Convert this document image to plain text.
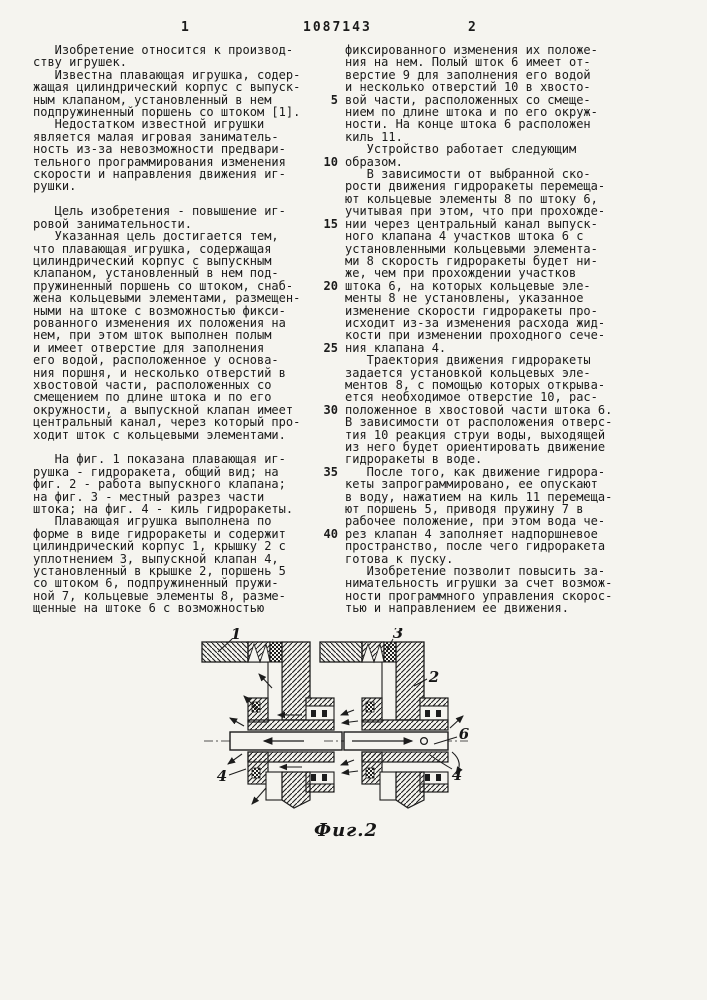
1	1087143	2
Изобретение относится к производ-
ству игрушек.
Известна плавающая игрушка, содер-
жащая цилиндрический корпус с выпуск-
ным клапаном, установленный в нем
подпружиненный поршень со штоком [1].
Недостатком известной игрушки
является малая игровая заниматель-
ность из-за невозможности предвари-
тельного программирования изменения
скорости и направления движения иг-
рушки.

Цель изобретения - повышение иг-
ровой занимательности.
Указанная цель достигается тем,
что плавающая игрушка, содержащая
цилиндрический корпус с выпускным
клапаном, установленный в нем под-
пружиненный поршень со штоком, снаб-
жена кольцевыми элементами, размещен-
ными на штоке с возможностью фикси-
рованного изменения их положения на
нем, при этом шток выполнен полым
и имеет отверстие для заполнения
его водой, расположенное у основа-
ния поршня, и несколько отверстий в
хвостовой части, расположенных со
смещением по длине штока и по его
окружности, а выпускной клапан имеет
центральный канал, через который про-
ходит шток с кольцевыми элементами.

На фиг. 1 показана плавающая иг-
рушка - гидроракета, общий вид; на
фиг. 2 - работа выпускного клапана;
на фиг. 3 - местный разрез части
штока; на фиг. 4 - киль гидроракеты.
Плавающая игрушка выполнена по
форме в виде гидроракеты и содержит
цилиндрический корпус 1, крышку 2 с
уплотнением 3, выпускной клапан 4,
установленный в крышке 2, поршень 5
со штоком 6, подпружиненный пружи-
ной 7, кольцевые элементы 8, разме-
щенные на штоке 6 с возможностью
фиксированного изменения их положе-
ния на нем. Полый шток 6 имеет от-
верстие 9 для заполнения его водой
и несколько отверстий 10 в хвосто-
вой части, расположенных со смеще-
нием по длине штока и по его окруж-
ности. На конце штока 6 расположен
киль 11.
Устройство работает следующим
образом.
В зависимости от выбранной ско-
рости движения гидроракеты перемеща-
ют кольцевые элементы 8 по штоку 6,
учитывая при этом, что при прохожде-
нии через центральный канал выпуск-
ного клапана 4 участков штока 6 с
установленными кольцевыми элемента-
ми 8 скорость гидроракеты будет ни-
же, чем при прохождении участков
штока 6, на которых кольцевые эле-
менты 8 не установлены, указанное
изменение скорости гидроракеты про-
исходит из-за изменения расхода жид-
кости при изменении проходного сече-
ния клапана 4.
Траектория движения гидроракеты
задается установкой кольцевых эле-
ментов 8, с помощью которых открыва-
ется необходимое отверстие 10, рас-
положенное в хвостовой части штока 6.
В зависимости от расположения отверс-
тия 10 реакция струи воды, выходящей
из него будет ориентировать движение
гидроракеты в воде.
После того, как движение гидрора-
кеты запрограммировано, ее опускают
в воду, нажатием на киль 11 перемеща-
ют поршень 5, приводя пружину 7 в
рабочее положение, при этом вода че-
рез клапан 4 заполняет надпоршневое
пространство, после чего гидроракета
готова к пуску.
Изобретение позволит повысить за-
нимательность игрушки за счет возмож-
ности программного управления скорос-
тью и направлением ее движения.
5
10
15
20
25
30
35
40
1	3
2
6
4	4
Фиг.2
